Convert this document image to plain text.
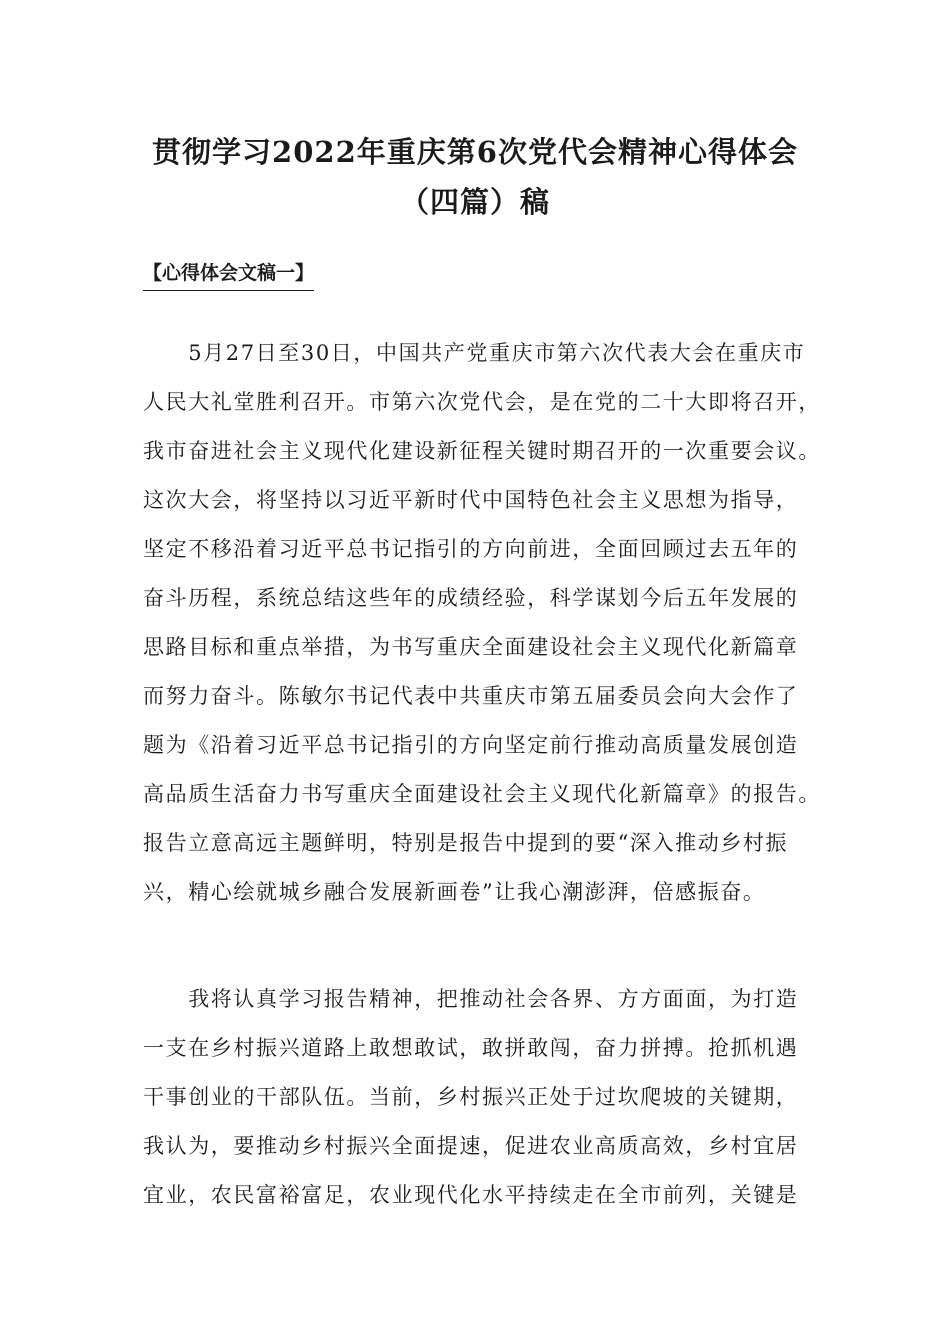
贯彻学习2022年重庆第6次党代会精神心得体会
（四篇）稿
【心得体会文稿一】
　　5月27日至30日，中国共产党重庆市第六次代表大会在重庆市
人民大礼堂胜利召开。市第六次党代会，是在党的二十大即将召开，
我市奋进社会主义现代化建设新征程关键时期召开的一次重要会议。
这次大会，将坚持以习近平新时代中国特色社会主义思想为指导，
坚定不移沿着习近平总书记指引的方向前进，全面回顾过去五年的
奋斗历程，系统总结这些年的成绩经验，科学谋划今后五年发展的
思路目标和重点举措，为书写重庆全面建设社会主义现代化新篇章
而努力奋斗。陈敏尔书记代表中共重庆市第五届委员会向大会作了
题为《沿着习近平总书记指引的方向坚定前行推动高质量发展创造
高品质生活奋力书写重庆全面建设社会主义现代化新篇章》的报告。
报告立意高远主题鲜明，特别是报告中提到的要“深入推动乡村振
兴，精心绘就城乡融合发展新画卷”让我心潮澎湃，倍感振奋。
　　我将认真学习报告精神，把推动社会各界、方方面面，为打造
一支在乡村振兴道路上敢想敢试，敢拼敢闯，奋力拼搏。抢抓机遇
干事创业的干部队伍。当前，乡村振兴正处于过坎爬坡的关键期，
我认为，要推动乡村振兴全面提速，促进农业高质高效，乡村宜居
宜业，农民富裕富足，农业现代化水平持续走在全市前列，关键是
